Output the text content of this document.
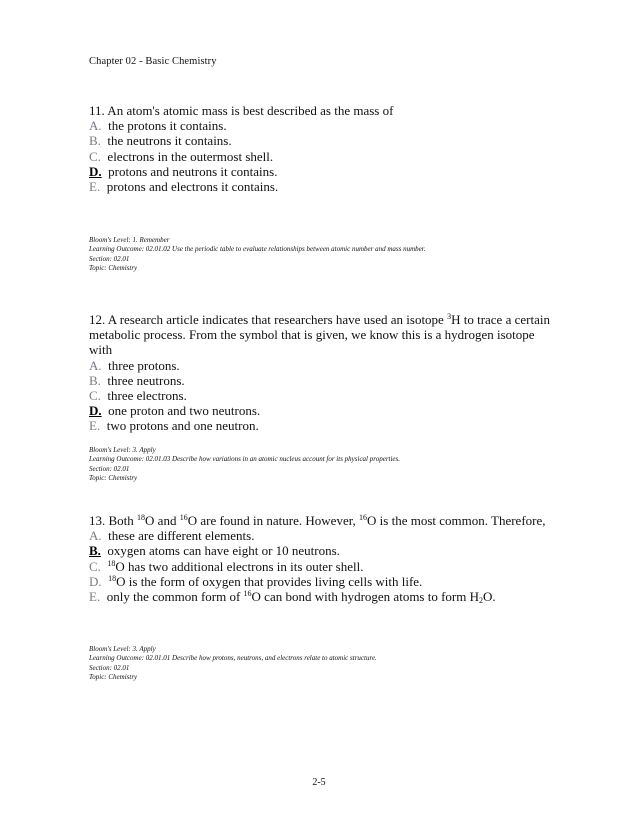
Chapter 02 - Basic Chemistry
11. An atom's atomic mass is best described as the mass of
A. the protons it contains.
B. the neutrons it contains.
C. electrons in the outermost shell.
D. protons and neutrons it contains.
E. protons and electrons it contains.
Bloom's Level: 1. Remember
Learning Outcome: 02.01.02 Use the periodic table to evaluate relationships between atomic number and mass number.
Section: 02.01
Topic: Chemistry
12. A research article indicates that researchers have used an isotope $^3$H to trace a certain
metabolic process. From the symbol that is given, we know this is a hydrogen isotope with
A. three protons.
B. three neutrons.
C. three electrons.
D. one proton and two neutrons.
E. two protons and one neutron.
Bloom's Level: 3. Apply
Learning Outcome: 02.01.03 Describe how variations in an atomic nucleus account for its physical properties.
Section: 02.01
Topic: Chemistry
13. Both $^{18}$O and $^{16}$O are found in nature. However, $^{16}$O is the most common. Therefore,
A. these are different elements.
B. oxygen atoms can have eight or 10 neutrons.
C. $^{18}$O has two additional electrons in its outer shell.
D. $^{18}$O is the form of oxygen that provides living cells with life.
E. only the common form of $^{16}$O can bond with hydrogen atoms to form $H_2O$.
Bloom's Level: 3. Apply
Learning Outcome: 02.01.01 Describe how protons, neutrons, and electrons relate to atomic structure.
Section: 02.01
Topic: Chemistry
2-5
